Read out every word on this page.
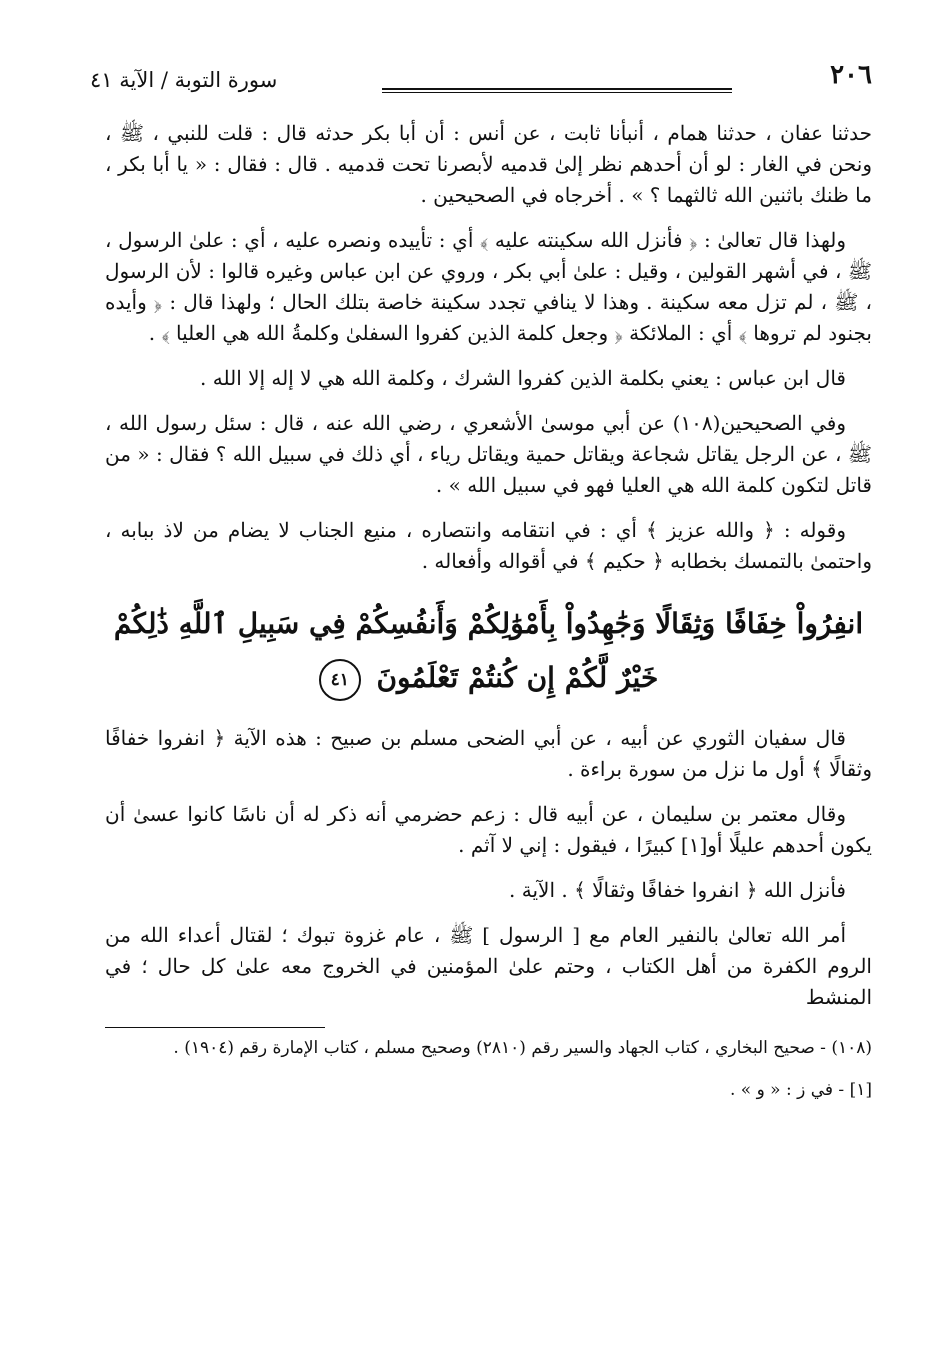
٢٠٦
سورة التوبة / الآية ٤١

حدثنا عفان ، حدثنا همام ، أنبأنا ثابت ، عن أنس : أن أبا بكر حدثه قال : قلت للنبي ، ﷺ ، ونحن في الغار : لو أن أحدهم نظر إلىٰ قدميه لأبصرنا تحت قدميه . قال : فقال : « يا أبا بكر ، ما ظنك باثنين الله ثالثهما ؟ » . أخرجاه في الصحيحين .

ولهذا قال تعالىٰ : ﴿ فأنزل الله سكينته عليه ﴾ أي : تأييده ونصره عليه ، أي : علىٰ الرسول ، ﷺ ، في أشهر القولين ، وقيل : علىٰ أبي بكر ، وروي عن ابن عباس وغيره قالوا : لأن الرسول ، ﷺ ، لم تزل معه سكينة . وهذا لا ينافي تجدد سكينة خاصة بتلك الحال ؛ ولهذا قال : ﴿ وأيده بجنود لم تروها ﴾ أي : الملائكة ﴿ وجعل كلمة الذين كفروا السفلىٰ وكلمةُ الله هي العليا ﴾ .

قال ابن عباس : يعني بكلمة الذين كفروا الشرك ، وكلمة الله هي لا إله إلا الله .

وفي الصحيحين(١٠٨) عن أبي موسىٰ الأشعري ، رضي الله عنه ، قال : سئل رسول الله ، ﷺ ، عن الرجل يقاتل شجاعة ويقاتل حمية ويقاتل رياء ، أي ذلك في سبيل الله ؟ فقال : « من قاتل لتكون كلمة الله هي العليا فهو في سبيل الله » .

وقوله : ﴿ والله عزيز ﴾ أي : في انتقامه وانتصاره ، منيع الجناب لا يضام من لاذ ببابه ، واحتمىٰ بالتمسك بخطابه ﴿ حكيم ﴾ في أقواله وأفعاله .

انفِرُواْ خِفَافًا وَثِقَالًا وَجَٰهِدُواْ بِأَمْوَٰلِكُمْ وَأَنفُسِكُمْ فِي سَبِيلِ ٱللَّهِ ذَٰلِكُمْ خَيْرٌ لَّكُمْ إِن كُنتُمْ تَعْلَمُونَ ٤١

قال سفيان الثوري عن أبيه ، عن أبي الضحى مسلم بن صبيح : هذه الآية ﴿ انفروا خفافًا وثقالًا ﴾ أول ما نزل من سورة براءة .

وقال معتمر بن سليمان ، عن أبيه قال : زعم حضرمي أنه ذكر له أن ناسًا كانوا عسىٰ أن يكون أحدهم عليلًا أو[١] كبيرًا ، فيقول : إني لا آثم .

فأنزل الله ﴿ انفروا خفافًا وثقالًا ﴾ . الآية .

أمر الله تعالىٰ بالنفير العام مع [ الرسول ] ﷺ ، عام غزوة تبوك ؛ لقتال أعداء الله من الروم الكفرة من أهل الكتاب ، وحتم علىٰ المؤمنين في الخروج معه علىٰ كل حال ؛ في المنشط

(١٠٨) - صحيح البخاري ، كتاب الجهاد والسير رقم (٢٨١٠) وصحيح مسلم ، كتاب الإمارة رقم (١٩٠٤) .

[١] - في ز : « و » .
